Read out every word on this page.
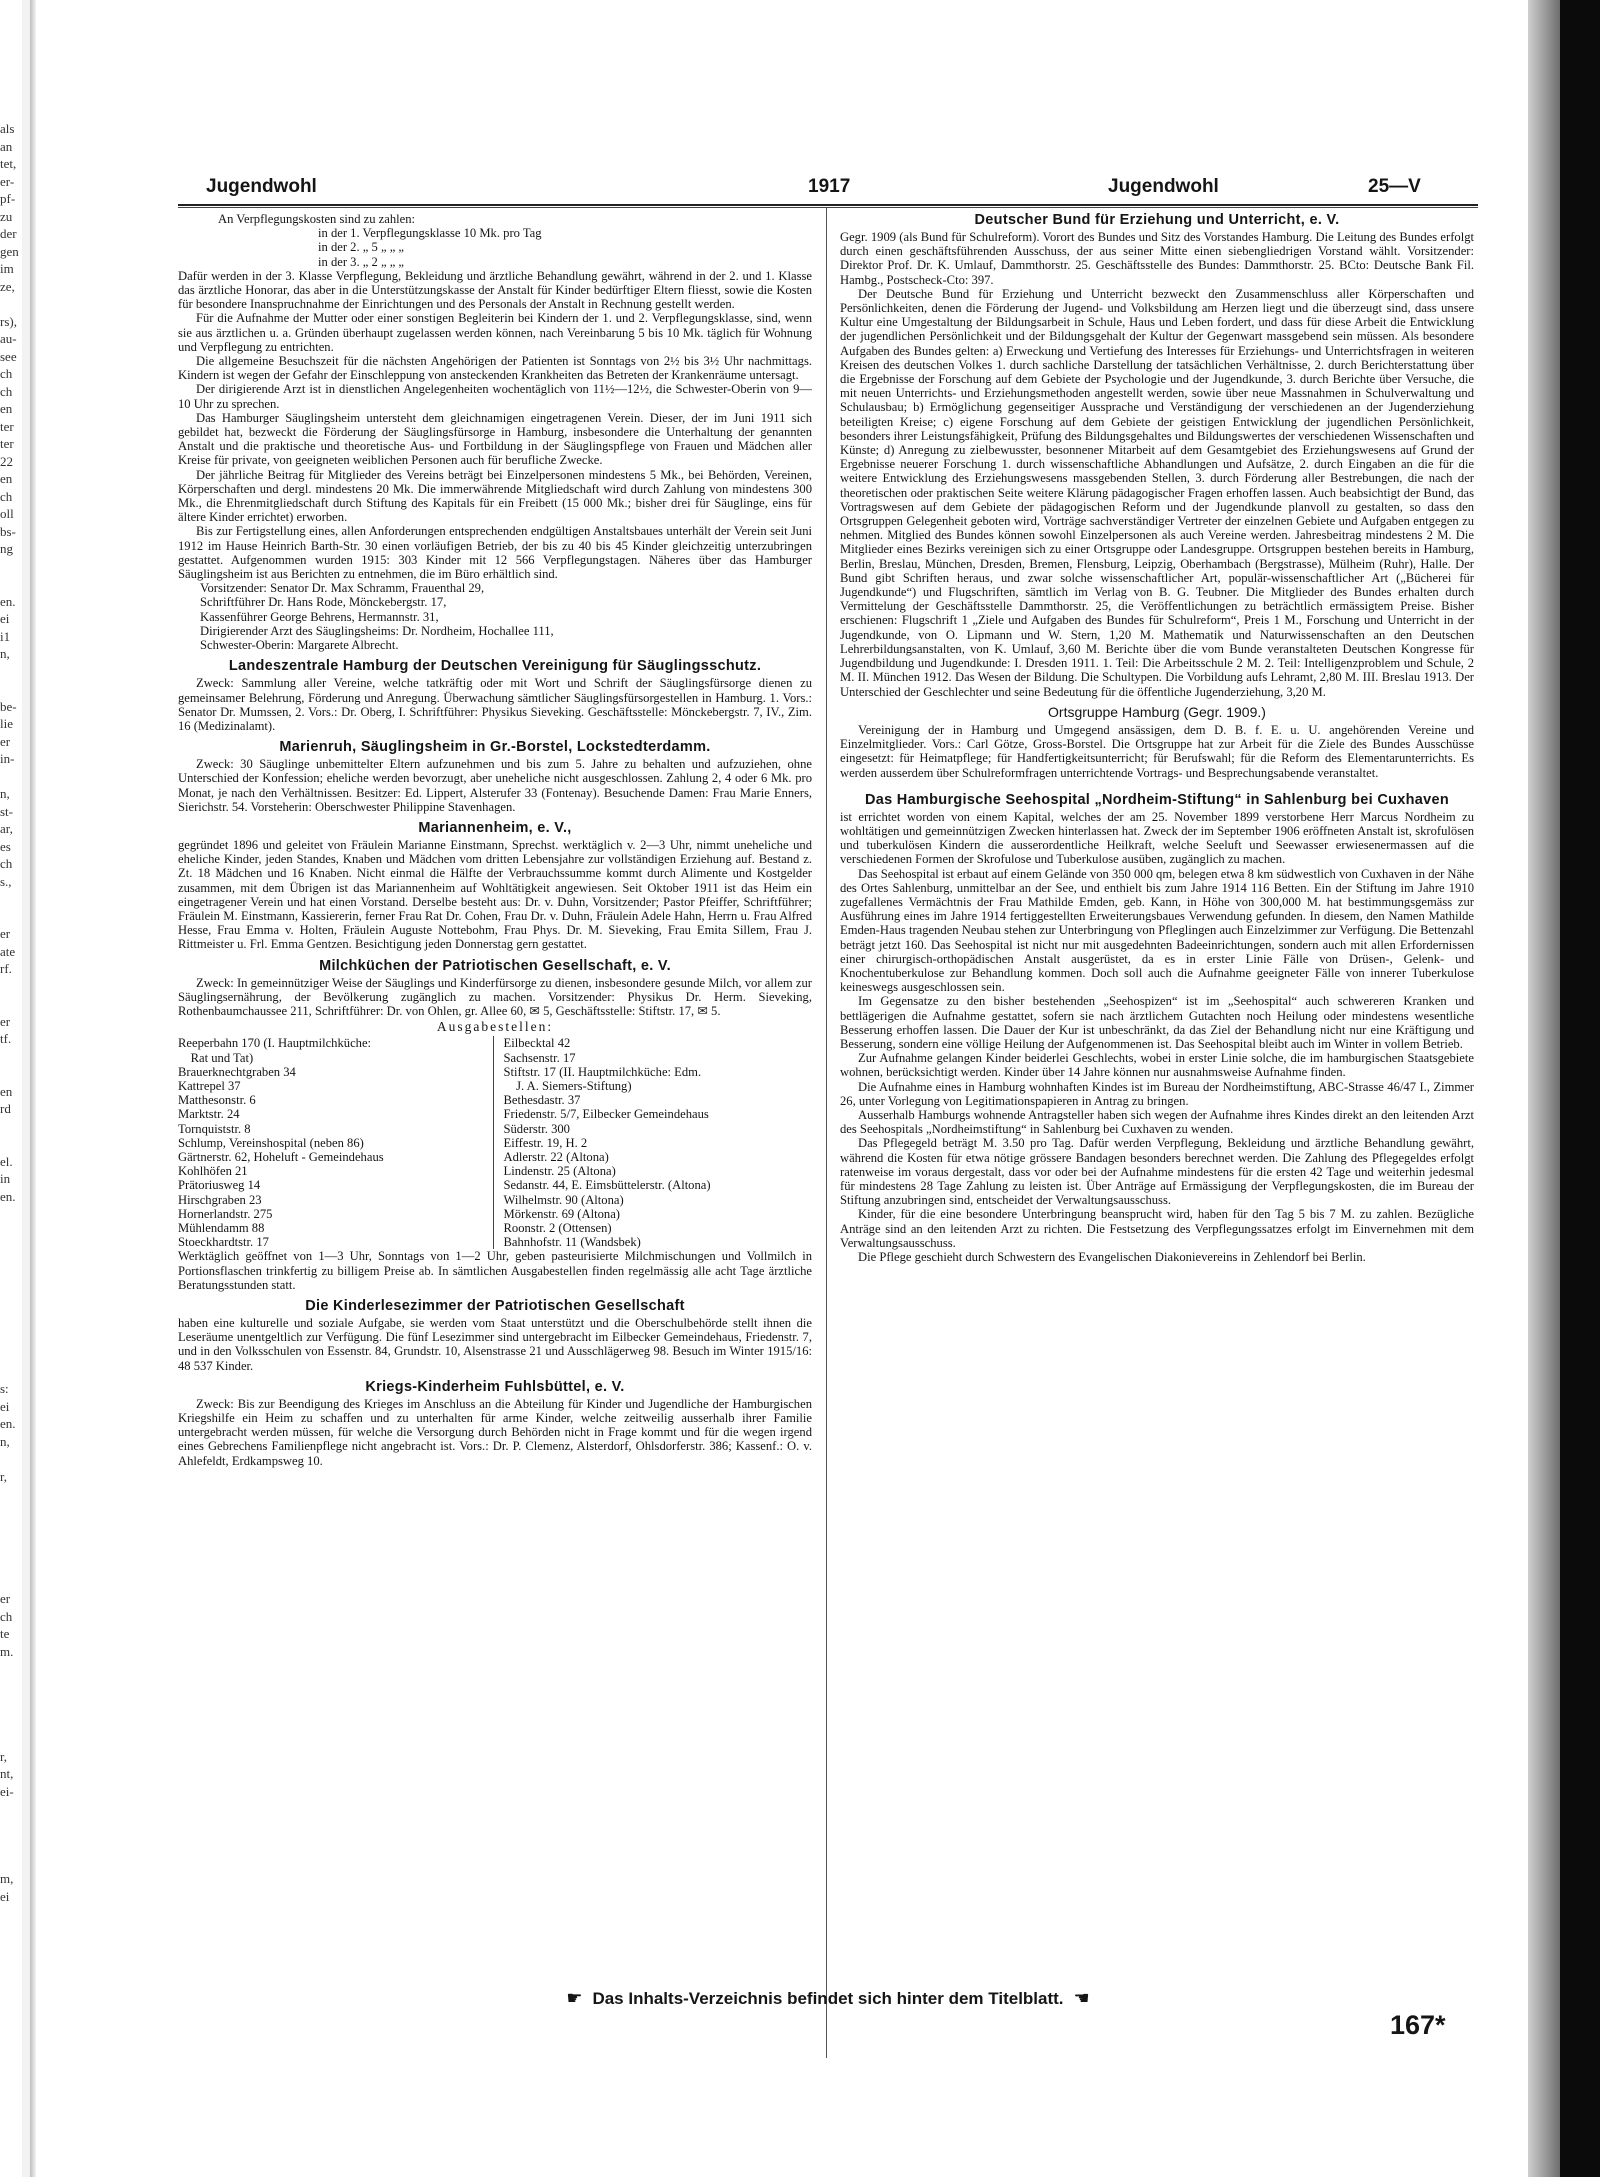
als
an
tet,
er-
pf-
zu
der
gen
im
ze,

rs),
au-
see
ch
ch
en
ter
ter
22
en
ch
oll
bs-
ng

en.
ei
i1
n,

be-
lie
er
in-

n,
st-
ar,
es
ch
s.,

er
ate
rf.

er
tf.

en
rd

el.
in
en.

s:
ei
en.
n,

r,

er
ch
te
m.

r,
nt,
ei-

m,
ei

Jugendwohl	1917	Jugendwohl	25—V
An Verpflegungskosten sind zu zahlen:
in der 1. Verpflegungsklasse 10 Mk. pro Tag
in der 2. „ 5 „ „ „
in der 3. „ 2 „ „ „

Dafür werden in der 3. Klasse Verpflegung, Bekleidung und ärztliche Behandlung gewährt, während in der 2. und 1. Klasse das ärztliche Honorar, das aber in die Unterstützungskasse der Anstalt für Kinder bedürftiger Eltern fliesst, sowie die Kosten für besondere Inanspruchnahme der Einrichtungen und des Personals der Anstalt in Rechnung gestellt werden.

Für die Aufnahme der Mutter oder einer sonstigen Begleiterin bei Kindern der 1. und 2. Verpflegungsklasse, sind, wenn sie aus ärztlichen u. a. Gründen überhaupt zugelassen werden können, nach Vereinbarung 5 bis 10 Mk. täglich für Wohnung und Verpflegung zu entrichten.

Die allgemeine Besuchszeit für die nächsten Angehörigen der Patienten ist Sonntags von 2½ bis 3½ Uhr nachmittags. Kindern ist wegen der Gefahr der Einschleppung von ansteckenden Krankheiten das Betreten der Krankenräume untersagt.

Der dirigierende Arzt ist in dienstlichen Angelegenheiten wochentäglich von 11½—12½, die Schwester-Oberin von 9—10 Uhr zu sprechen.

Das Hamburger Säuglingsheim untersteht dem gleichnamigen eingetragenen Verein. Dieser, der im Juni 1911 sich gebildet hat, bezweckt die Förderung der Säuglingsfürsorge in Hamburg, insbesondere die Unterhaltung der genannten Anstalt und die praktische und theoretische Aus- und Fortbildung in der Säuglingspflege von Frauen und Mädchen aller Kreise für private, von geeigneten weiblichen Personen auch für berufliche Zwecke.

Der jährliche Beitrag für Mitglieder des Vereins beträgt bei Einzelpersonen mindestens 5 Mk., bei Behörden, Vereinen, Körperschaften und dergl. mindestens 20 Mk. Die immerwährende Mitgliedschaft wird durch Zahlung von mindestens 300 Mk., die Ehrenmitgliedschaft durch Stiftung des Kapitals für ein Freibett (15 000 Mk.; bisher drei für Säuglinge, eins für ältere Kinder errichtet) erworben.

Bis zur Fertigstellung eines, allen Anforderungen entsprechenden endgültigen Anstaltsbaues unterhält der Verein seit Juni 1912 im Hause Heinrich Barth-Str. 30 einen vorläufigen Betrieb, der bis zu 40 bis 45 Kinder gleichzeitig unterzubringen gestattet. Aufgenommen wurden 1915: 303 Kinder mit 12 566 Verpflegungstagen. Näheres über das Hamburger Säuglingsheim ist aus Berichten zu entnehmen, die im Büro erhältlich sind.

Vorsitzender: Senator Dr. Max Schramm, Frauenthal 29,
Schriftführer Dr. Hans Rode, Mönckebergstr. 17,
Kassenführer George Behrens, Hermannstr. 31,
Dirigierender Arzt des Säuglingsheims: Dr. Nordheim, Hochallee 111,
Schwester-Oberin: Margarete Albrecht.
Landeszentrale Hamburg der Deutschen Vereinigung für Säuglingsschutz.

Zweck: Sammlung aller Vereine, welche tatkräftig oder mit Wort und Schrift der Säuglingsfürsorge dienen zu gemeinsamer Belehrung, Förderung und Anregung. Überwachung sämtlicher Säuglingsfürsorgestellen in Hamburg. 1. Vors.: Senator Dr. Mumssen, 2. Vors.: Dr. Oberg, I. Schriftführer: Physikus Sieveking. Geschäftsstelle: Mönckebergstr. 7, IV., Zim. 16 (Medizinalamt).

Marienruh, Säuglingsheim in Gr.-Borstel, Lockstedterdamm.

Zweck: 30 Säuglinge unbemittelter Eltern aufzunehmen und bis zum 5. Jahre zu behalten und aufzuziehen, ohne Unterschied der Konfession; eheliche werden bevorzugt, aber uneheliche nicht ausgeschlossen. Zahlung 2, 4 oder 6 Mk. pro Monat, je nach den Verhältnissen. Besitzer: Ed. Lippert, Alsterufer 33 (Fontenay). Besuchende Damen: Frau Marie Enners, Sierichstr. 54. Vorsteherin: Oberschwester Philippine Stavenhagen.

Mariannenheim, e. V.,

gegründet 1896 und geleitet von Fräulein Marianne Einstmann, Sprechst. werktäglich v. 2—3 Uhr, nimmt uneheliche und eheliche Kinder, jeden Standes, Knaben und Mädchen vom dritten Lebensjahre zur vollständigen Erziehung auf. Bestand z. Zt. 18 Mädchen und 16 Knaben. Nicht einmal die Hälfte der Verbrauchssumme kommt durch Alimente und Kostgelder zusammen, mit dem Übrigen ist das Mariannenheim auf Wohltätigkeit angewiesen. Seit Oktober 1911 ist das Heim ein eingetragener Verein und hat einen Vorstand. Derselbe besteht aus: Dr. v. Duhn, Vorsitzender; Pastor Pfeiffer, Schriftführer; Fräulein M. Einstmann, Kassiererin, ferner Frau Rat Dr. Cohen, Frau Dr. v. Duhn, Fräulein Adele Hahn, Herrn u. Frau Alfred Hesse, Frau Emma v. Holten, Fräulein Auguste Nottebohm, Frau Phys. Dr. M. Sieveking, Frau Emita Sillem, Frau J. Rittmeister u. Frl. Emma Gentzen. Besichtigung jeden Donnerstag gern gestattet.

Milchküchen der Patriotischen Gesellschaft, e. V.

Zweck: In gemeinnütziger Weise der Säuglings und Kinderfürsorge zu dienen, insbesondere gesunde Milch, vor allem zur Säuglingsernährung, der Bevölkerung zugänglich zu machen. Vorsitzender: Physikus Dr. Herm. Sieveking, Rothenbaumchaussee 211, Schriftführer: Dr. von Ohlen, gr. Allee 60, ✉ 5, Geschäftsstelle: Stiftstr. 17, ✉ 5.

Ausgabestellen:
Reeperbahn 170 (I. Hauptmilchküche:
Rat und Tat)
Brauerknechtgraben 34
Kattrepel 37
Matthesonstr. 6
Marktstr. 24
Tornquiststr. 8
Schlump, Vereinshospital (neben 86)
Gärtnerstr. 62, Hoheluft - Gemeindehaus
Kohlhöfen 21
Prätoriusweg 14
Hirschgraben 23
Hornerlandstr. 275
Mühlendamm 88
Stoeckhardtstr. 17
Eilbecktal 42
Sachsenstr. 17
Stiftstr. 17 (II. Hauptmilchküche: Edm.
J. A. Siemers-Stiftung)
Bethesdastr. 37
Friedenstr. 5/7, Eilbecker Gemeindehaus
Süderstr. 300
Eiffestr. 19, H. 2
Adlerstr. 22 (Altona)
Lindenstr. 25 (Altona)
Sedanstr. 44, E. Eimsbüttelerstr. (Altona)
Wilhelmstr. 90 (Altona)
Mörkenstr. 69 (Altona)
Roonstr. 2 (Ottensen)
Bahnhofstr. 11 (Wandsbek)

Werktäglich geöffnet von 1—3 Uhr, Sonntags von 1—2 Uhr, geben pasteurisierte Milchmischungen und Vollmilch in Portionsflaschen trinkfertig zu billigem Preise ab. In sämtlichen Ausgabestellen finden regelmässig alle acht Tage ärztliche Beratungsstunden statt.

Die Kinderlesezimmer der Patriotischen Gesellschaft

haben eine kulturelle und soziale Aufgabe, sie werden vom Staat unterstützt und die Oberschulbehörde stellt ihnen die Leseräume unentgeltlich zur Verfügung. Die fünf Lesezimmer sind untergebracht im Eilbecker Gemeindehaus, Friedenstr. 7, und in den Volksschulen von Essenstr. 84, Grundstr. 10, Alsenstrasse 21 und Ausschlägerweg 98. Besuch im Winter 1915/16: 48 537 Kinder.

Kriegs-Kinderheim Fuhlsbüttel, e. V.

Zweck: Bis zur Beendigung des Krieges im Anschluss an die Abteilung für Kinder und Jugendliche der Hamburgischen Kriegshilfe ein Heim zu schaffen und zu unterhalten für arme Kinder, welche zeitweilig ausserhalb ihrer Familie untergebracht werden müssen, für welche die Versorgung durch Behörden nicht in Frage kommt und für die wegen irgend eines Gebrechens Familienpflege nicht angebracht ist. Vors.: Dr. P. Clemenz, Alsterdorf, Ohlsdorferstr. 386; Kassenf.: O. v. Ahlefeldt, Erdkampsweg 10.

Deutscher Bund für Erziehung und Unterricht, e. V.

Gegr. 1909 (als Bund für Schulreform). Vorort des Bundes und Sitz des Vorstandes Hamburg. Die Leitung des Bundes erfolgt durch einen geschäftsführenden Ausschuss, der aus seiner Mitte einen siebengliedrigen Vorstand wählt. Vorsitzender: Direktor Prof. Dr. K. Umlauf, Dammthorstr. 25. Geschäftsstelle des Bundes: Dammthorstr. 25. BCto: Deutsche Bank Fil. Hambg., Postscheck-Cto: 397.

Der Deutsche Bund für Erziehung und Unterricht bezweckt den Zusammenschluss aller Körperschaften und Persönlichkeiten, denen die Förderung der Jugend- und Volksbildung am Herzen liegt und die überzeugt sind, dass unsere Kultur eine Umgestaltung der Bildungsarbeit in Schule, Haus und Leben fordert, und dass für diese Arbeit die Entwicklung der jugendlichen Persönlichkeit und der Bildungsgehalt der Kultur der Gegenwart massgebend sein müssen. Als besondere Aufgaben des Bundes gelten: a) Erweckung und Vertiefung des Interesses für Erziehungs- und Unterrichtsfragen in weiteren Kreisen des deutschen Volkes 1. durch sachliche Darstellung der tatsächlichen Verhältnisse, 2. durch Berichterstattung über die Ergebnisse der Forschung auf dem Gebiete der Psychologie und der Jugendkunde, 3. durch Berichte über Versuche, die mit neuen Unterrichts- und Erziehungsmethoden angestellt werden, sowie über neue Massnahmen in Schulverwaltung und Schulausbau; b) Ermöglichung gegenseitiger Aussprache und Verständigung der verschiedenen an der Jugenderziehung beteiligten Kreise; c) eigene Forschung auf dem Gebiete der geistigen Entwicklung der jugendlichen Persönlichkeit, besonders ihrer Leistungsfähigkeit, Prüfung des Bildungsgehaltes und Bildungswertes der verschiedenen Wissenschaften und Künste; d) Anregung zu zielbewusster, besonnener Mitarbeit auf dem Gesamtgebiet des Erziehungswesens auf Grund der Ergebnisse neuerer Forschung 1. durch wissenschaftliche Abhandlungen und Aufsätze, 2. durch Eingaben an die für die weitere Entwicklung des Erziehungswesens massgebenden Stellen, 3. durch Förderung aller Bestrebungen, die nach der theoretischen oder praktischen Seite weitere Klärung pädagogischer Fragen erhoffen lassen. Auch beabsichtigt der Bund, das Vortragswesen auf dem Gebiete der pädagogischen Reform und der Jugendkunde planvoll zu gestalten, so dass den Ortsgruppen Gelegenheit geboten wird, Vorträge sachverständiger Vertreter der einzelnen Gebiete und Aufgaben entgegen zu nehmen. Mitglied des Bundes können sowohl Einzelpersonen als auch Vereine werden. Jahresbeitrag mindestens 2 M. Die Mitglieder eines Bezirks vereinigen sich zu einer Ortsgruppe oder Landesgruppe. Ortsgruppen bestehen bereits in Hamburg, Berlin, Breslau, München, Dresden, Bremen, Flensburg, Leipzig, Oberhambach (Bergstrasse), Mülheim (Ruhr), Halle. Der Bund gibt Schriften heraus, und zwar solche wissenschaftlicher Art, populär-wissenschaftlicher Art („Bücherei für Jugendkunde“) und Flugschriften, sämtlich im Verlag von B. G. Teubner. Die Mitglieder des Bundes erhalten durch Vermittelung der Geschäftsstelle Dammthorstr. 25, die Veröffentlichungen zu beträchtlich ermässigtem Preise. Bisher erschienen: Flugschrift 1 „Ziele und Aufgaben des Bundes für Schulreform“, Preis 1 M., Forschung und Unterricht in der Jugendkunde, von O. Lipmann und W. Stern, 1,20 M. Mathematik und Naturwissenschaften an den Deutschen Lehrerbildungsanstalten, von K. Umlauf, 3,60 M. Berichte über die vom Bunde veranstalteten Deutschen Kongresse für Jugendbildung und Jugendkunde: I. Dresden 1911. 1. Teil: Die Arbeitsschule 2 M. 2. Teil: Intelligenzproblem und Schule, 2 M. II. München 1912. Das Wesen der Bildung. Die Schultypen. Die Vorbildung aufs Lehramt, 2,80 M. III. Breslau 1913. Der Unterschied der Geschlechter und seine Bedeutung für die öffentliche Jugenderziehung, 3,20 M.

Ortsgruppe Hamburg (Gegr. 1909.)

Vereinigung der in Hamburg und Umgegend ansässigen, dem D. B. f. E. u. U. angehörenden Vereine und Einzelmitglieder. Vors.: Carl Götze, Gross-Borstel. Die Ortsgruppe hat zur Arbeit für die Ziele des Bundes Ausschüsse eingesetzt: für Heimatpflege; für Handfertigkeitsunterricht; für Berufswahl; für die Reform des Elementarunterrichts. Es werden ausserdem über Schulreformfragen unterrichtende Vortrags- und Besprechungsabende veranstaltet.

Das Hamburgische Seehospital „Nordheim-Stiftung“ in Sahlenburg bei Cuxhaven

ist errichtet worden von einem Kapital, welches der am 25. November 1899 verstorbene Herr Marcus Nordheim zu wohltätigen und gemeinnützigen Zwecken hinterlassen hat. Zweck der im September 1906 eröffneten Anstalt ist, skrofulösen und tuberkulösen Kindern die ausserordentliche Heilkraft, welche Seeluft und Seewasser erwiesenermassen auf die verschiedenen Formen der Skrofulose und Tuberkulose ausüben, zugänglich zu machen.

Das Seehospital ist erbaut auf einem Gelände von 350 000 qm, belegen etwa 8 km südwestlich von Cuxhaven in der Nähe des Ortes Sahlenburg, unmittelbar an der See, und enthielt bis zum Jahre 1914 116 Betten. Ein der Stiftung im Jahre 1910 zugefallenes Vermächtnis der Frau Mathilde Emden, geb. Kann, in Höhe von 300,000 M. hat bestimmungsgemäss zur Ausführung eines im Jahre 1914 fertiggestellten Erweiterungsbaues Verwendung gefunden. In diesem, den Namen Mathilde Emden-Haus tragenden Neubau stehen zur Unterbringung von Pfleglingen auch Einzelzimmer zur Verfügung. Die Bettenzahl beträgt jetzt 160. Das Seehospital ist nicht nur mit ausgedehnten Badeeinrichtungen, sondern auch mit allen Erfordernissen einer chirurgisch-orthopädischen Anstalt ausgerüstet, da es in erster Linie Fälle von Drüsen-, Gelenk- und Knochentuberkulose zur Behandlung kommen. Doch soll auch die Aufnahme geeigneter Fälle von innerer Tuberkulose keineswegs ausgeschlossen sein.

Im Gegensatze zu den bisher bestehenden „Seehospizen“ ist im „Seehospital“ auch schwereren Kranken und bettlägerigen die Aufnahme gestattet, sofern sie nach ärztlichem Gutachten noch Heilung oder mindestens wesentliche Besserung erhoffen lassen. Die Dauer der Kur ist unbeschränkt, da das Ziel der Behandlung nicht nur eine Kräftigung und Besserung, sondern eine völlige Heilung der Aufgenommenen ist. Das Seehospital bleibt auch im Winter in vollem Betrieb.

Zur Aufnahme gelangen Kinder beiderlei Geschlechts, wobei in erster Linie solche, die im hamburgischen Staatsgebiete wohnen, berücksichtigt werden. Kinder über 14 Jahre können nur ausnahmsweise Aufnahme finden.

Die Aufnahme eines in Hamburg wohnhaften Kindes ist im Bureau der Nordheimstiftung, ABC-Strasse 46/47 I., Zimmer 26, unter Vorlegung von Legitimationspapieren in Antrag zu bringen.

Ausserhalb Hamburgs wohnende Antragsteller haben sich wegen der Aufnahme ihres Kindes direkt an den leitenden Arzt des Seehospitals „Nordheimstiftung“ in Sahlenburg bei Cuxhaven zu wenden.

Das Pflegegeld beträgt M. 3.50 pro Tag. Dafür werden Verpflegung, Bekleidung und ärztliche Behandlung gewährt, während die Kosten für etwa nötige grössere Bandagen besonders berechnet werden. Die Zahlung des Pflegegeldes erfolgt ratenweise im voraus dergestalt, dass vor oder bei der Aufnahme mindestens für die ersten 42 Tage und weiterhin jedesmal für mindestens 28 Tage Zahlung zu leisten ist. Über Anträge auf Ermässigung der Verpflegungskosten, die im Bureau der Stiftung anzubringen sind, entscheidet der Verwaltungsausschuss.

Kinder, für die eine besondere Unterbringung beansprucht wird, haben für den Tag 5 bis 7 M. zu zahlen. Bezügliche Anträge sind an den leitenden Arzt zu richten. Die Festsetzung des Verpflegungssatzes erfolgt im Einvernehmen mit dem Verwaltungsausschuss.

Die Pflege geschieht durch Schwestern des Evangelischen Diakonievereins in Zehlendorf bei Berlin.

☛ Das Inhalts-Verzeichnis befindet sich hinter dem Titelblatt. ☚
167*
